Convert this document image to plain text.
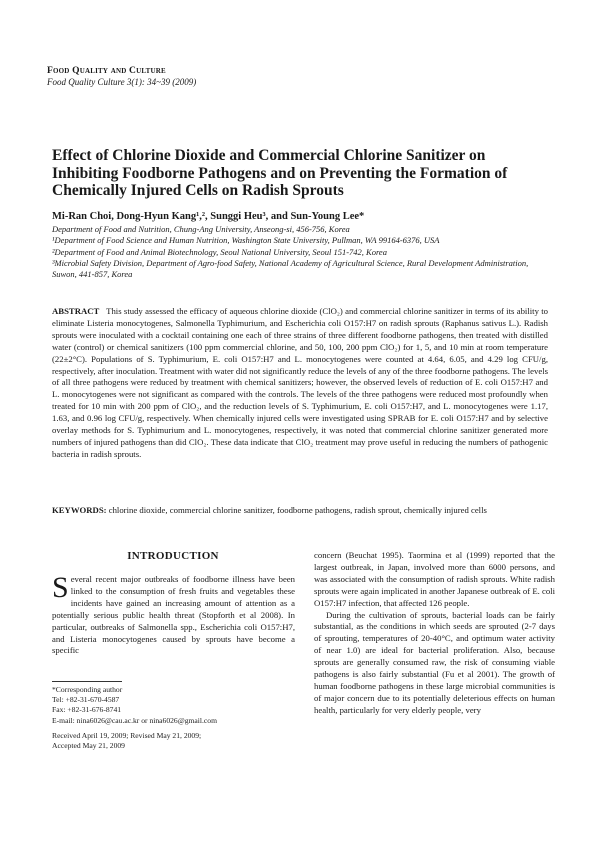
Food Quality and Culture
Food Quality Culture 3(1): 34~39 (2009)
Effect of Chlorine Dioxide and Commercial Chlorine Sanitizer on Inhibiting Foodborne Pathogens and on Preventing the Formation of Chemically Injured Cells on Radish Sprouts
Mi-Ran Choi, Dong-Hyun Kang¹,², Sunggi Heu³, and Sun-Young Lee*
Department of Food and Nutrition, Chung-Ang University, Anseong-si, 456-756, Korea
¹Department of Food Science and Human Nutrition, Washington State University, Pullman, WA 99164-6376, USA
²Department of Food and Animal Biotechnology, Seoul National University, Seoul 151-742, Korea
³Microbial Safety Division, Department of Agro-food Safety, National Academy of Agricultural Science, Rural Development Administration, Suwon, 441-857, Korea

ABSTRACT This study assessed the efficacy of aqueous chlorine dioxide (ClO₂) and commercial chlorine sanitizer in terms of its ability to eliminate Listeria monocytogenes, Salmonella Typhimurium, and Escherichia coli O157:H7 on radish sprouts (Raphanus sativus L.). Radish sprouts were inoculated with a cocktail containing one each of three strains of three different foodborne pathogens, then treated with distilled water (control) or chemical sanitizers (100 ppm commercial chlorine, and 50, 100, 200 ppm ClO₂) for 1, 5, and 10 min at room temperature (22±2°C). Populations of S. Typhimurium, E. coli O157:H7 and L. monocytogenes were counted at 4.64, 6.05, and 4.29 log CFU/g, respectively, after inoculation. Treatment with water did not significantly reduce the levels of any of the three foodborne pathogens. The levels of all three pathogens were reduced by treatment with chemical sanitizers; however, the observed levels of reduction of E. coli O157:H7 and L. monocytogenes were not significant as compared with the controls. The levels of the three pathogens were reduced most profoundly when treated for 10 min with 200 ppm of ClO₂, and the reduction levels of S. Typhimurium, E. coli O157:H7, and L. monocytogenes were 1.17, 1.63, and 0.96 log CFU/g, respectively. When chemically injured cells were investigated using SPRAB for E. coli O157:H7 and by selective overlay methods for S. Typhimurium and L. monocytogenes, respectively, it was noted that commercial chlorine sanitizer generated more numbers of injured pathogens than did ClO₂. These data indicate that ClO₂ treatment may prove useful in reducing the numbers of pathogenic bacteria in radish sprouts.

KEYWORDS: chlorine dioxide, commercial chlorine sanitizer, foodborne pathogens, radish sprout, chemically injured cells

INTRODUCTION

Several recent major outbreaks of foodborne illness have been linked to the consumption of fresh fruits and vegetables these incidents have gained an increasing amount of attention as a potentially serious public health threat (Stopforth et al 2008). In particular, outbreaks of Salmonella spp., Escherichia coli O157:H7, and Listeria monocytogenes caused by sprouts have become a specific

concern (Beuchat 1995). Taormina et al (1999) reported that the largest outbreak, in Japan, involved more than 6000 persons, and was associated with the consumption of radish sprouts. White radish sprouts were again implicated in another Japanese outbreak of E. coli O157:H7 infection, that affected 126 people.

During the cultivation of sprouts, bacterial loads can be fairly substantial, as the conditions in which seeds are sprouted (2-7 days of sprouting, temperatures of 20-40°C, and optimum water activity of near 1.0) are ideal for bacterial proliferation. Also, because sprouts are generally consumed raw, the risk of consuming viable pathogens is also fairly substantial (Fu et al 2001). The growth of human foodborne pathogens in these large microbial communities is of major concern due to its potentially deleterious effects on human health, particularly for very elderly people, very

*Corresponding author
Tel: +82-31-670-4587
Fax: +82-31-676-8741
E-mail: nina6026@cau.ac.kr or nina6026@gmail.com
Received April 19, 2009; Revised May 21, 2009;
Accepted May 21, 2009
